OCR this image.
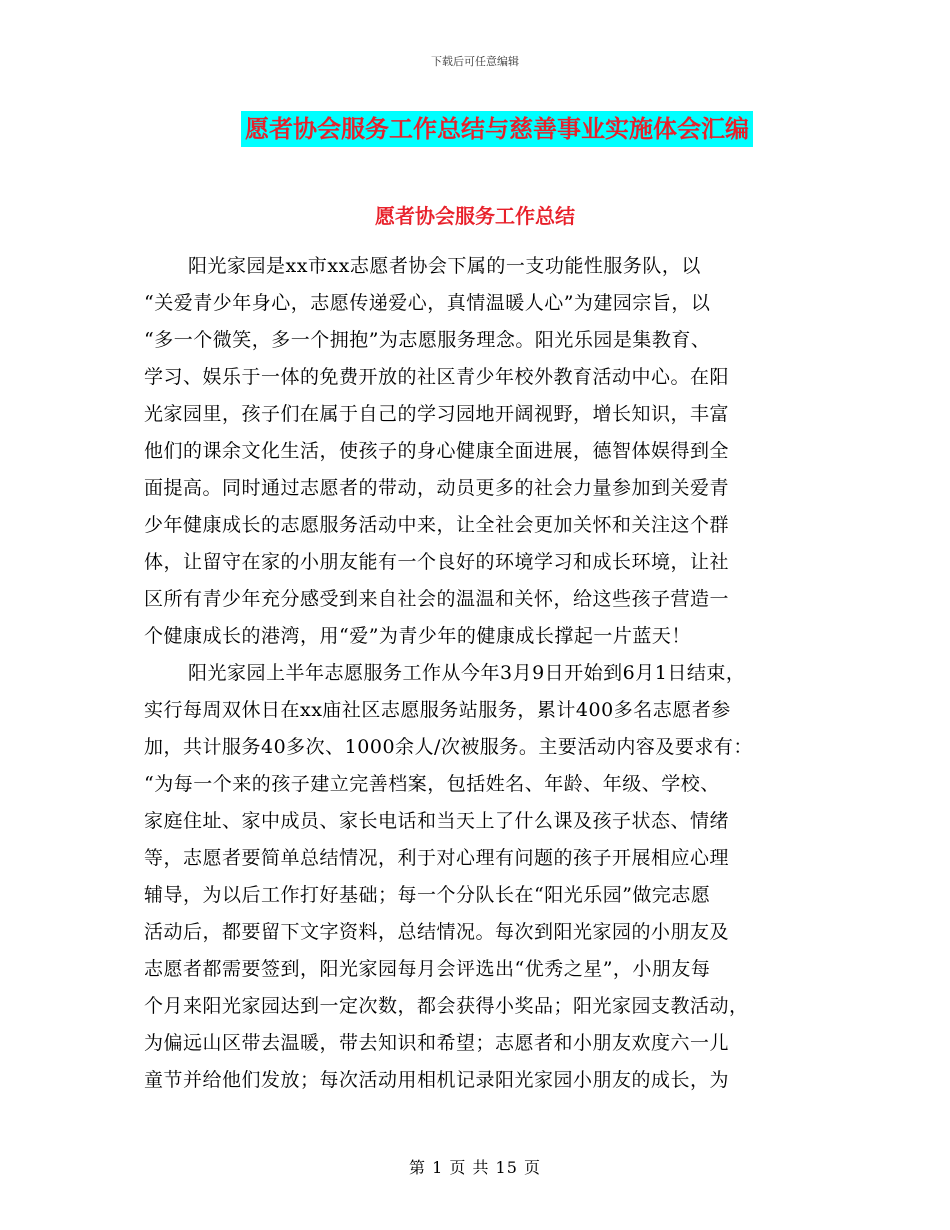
下载后可任意编辑
愿者协会服务工作总结与慈善事业实施体会汇编
愿者协会服务工作总结
阳光家园是xx市xx志愿者协会下属的一支功能性服务队，以
“关爱青少年身心，志愿传递爱心，真情温暖人心”为建园宗旨，以
“多一个微笑，多一个拥抱”为志愿服务理念。阳光乐园是集教育、
学习、娱乐于一体的免费开放的社区青少年校外教育活动中心。在阳
光家园里，孩子们在属于自己的学习园地开阔视野，增长知识，丰富
他们的课余文化生活，使孩子的身心健康全面进展，德智体娱得到全
面提高。同时通过志愿者的带动，动员更多的社会力量参加到关爱青
少年健康成长的志愿服务活动中来，让全社会更加关怀和关注这个群
体，让留守在家的小朋友能有一个良好的环境学习和成长环境，让社
区所有青少年充分感受到来自社会的温温和关怀，给这些孩子营造一
个健康成长的港湾，用“爱”为青少年的健康成长撑起一片蓝天！
阳光家园上半年志愿服务工作从今年3月9日开始到6月1日结束，
实行每周双休日在xx庙社区志愿服务站服务，累计400多名志愿者参
加，共计服务40多次、1000余人/次被服务。主要活动内容及要求有：
“为每一个来的孩子建立完善档案，包括姓名、年龄、年级、学校、
家庭住址、家中成员、家长电话和当天上了什么课及孩子状态、情绪
等，志愿者要简单总结情况，利于对心理有问题的孩子开展相应心理
辅导，为以后工作打好基础；每一个分队长在“阳光乐园”做完志愿
活动后，都要留下文字资料，总结情况。每次到阳光家园的小朋友及
志愿者都需要签到，阳光家园每月会评选出“优秀之星”，小朋友每
个月来阳光家园达到一定次数，都会获得小奖品；阳光家园支教活动，
为偏远山区带去温暖，带去知识和希望；志愿者和小朋友欢度六一儿
童节并给他们发放；每次活动用相机记录阳光家园小朋友的成长，为
第 1 页 共 15 页
